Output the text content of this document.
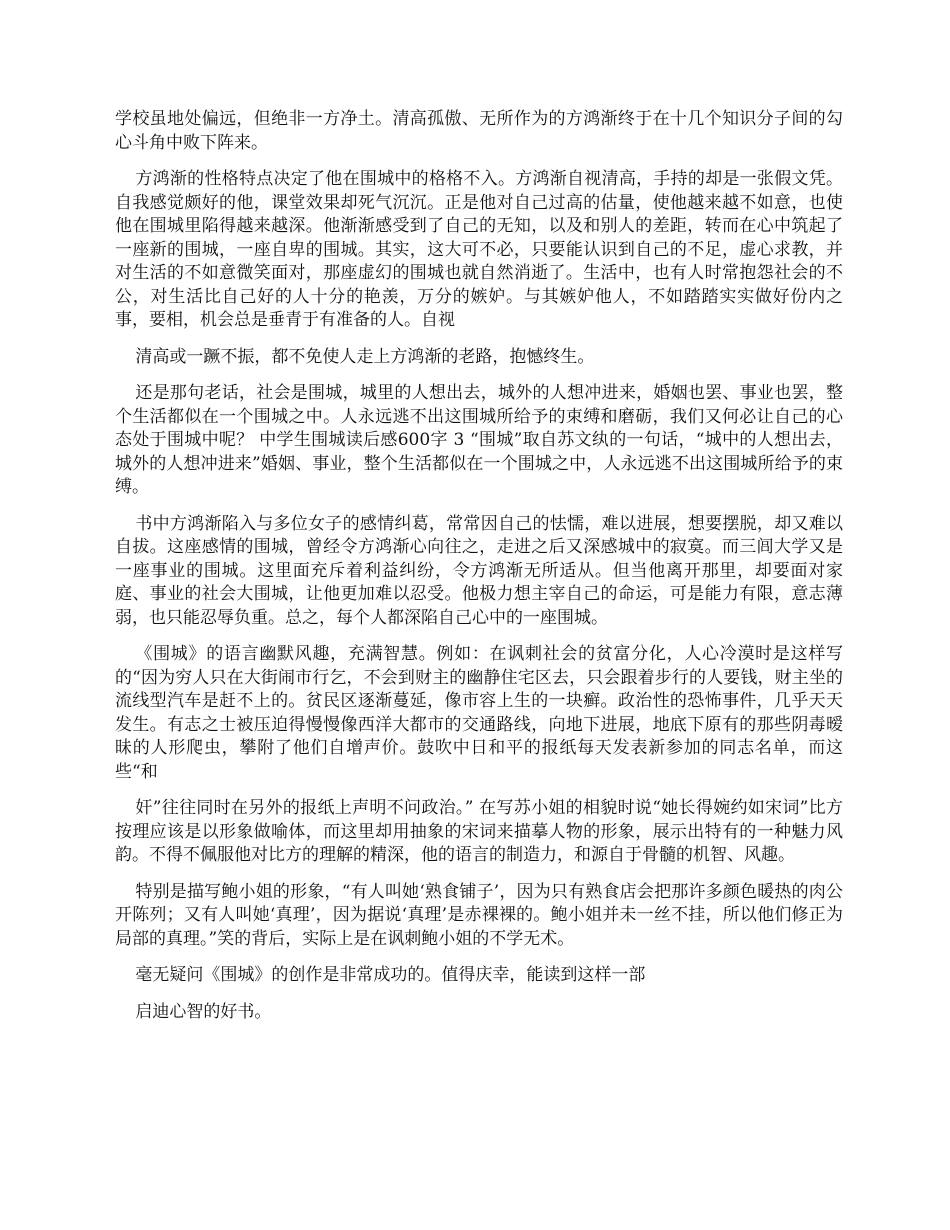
学校虽地处偏远，但绝非一方净土。清高孤傲、无所作为的方鸿渐终于在十几个知识分子间的勾心斗角中败下阵来。

方鸿渐的性格特点决定了他在围城中的格格不入。方鸿渐自视清高，手持的却是一张假文凭。自我感觉颇好的他，课堂效果却死气沉沉。正是他对自己过高的估量，使他越来越不如意，也使他在围城里陷得越来越深。他渐渐感受到了自己的无知，以及和别人的差距，转而在心中筑起了一座新的围城，一座自卑的围城。其实，这大可不必，只要能认识到自己的不足，虚心求教，并对生活的不如意微笑面对，那座虚幻的围城也就自然消逝了。生活中，也有人时常抱怨社会的不公，对生活比自己好的人十分的艳羡，万分的嫉妒。与其嫉妒他人，不如踏踏实实做好份内之事，要相，机会总是垂青于有准备的人。自视

清高或一蹶不振，都不免使人走上方鸿渐的老路，抱憾终生。

还是那句老话，社会是围城，城里的人想出去，城外的人想冲进来，婚姻也罢、事业也罢，整个生活都似在一个围城之中。人永远逃不出这围城所给予的束缚和磨砺，我们又何必让自己的心态处于围城中呢？ 中学生围城读后感600字 3 “围城”取自苏文纨的一句话，“城中的人想出去，城外的人想冲进来”婚姻、事业，整个生活都似在一个围城之中，人永远逃不出这围城所给予的束缚。

书中方鸿渐陷入与多位女子的感情纠葛，常常因自己的怯懦，难以进展，想要摆脱，却又难以自拔。这座感情的围城，曾经令方鸿渐心向往之，走进之后又深感城中的寂寞。而三闾大学又是一座事业的围城。这里面充斥着利益纠纷，令方鸿渐无所适从。但当他离开那里，却要面对家庭、事业的社会大围城，让他更加难以忍受。他极力想主宰自己的命运，可是能力有限，意志薄弱，也只能忍辱负重。总之，每个人都深陷自己心中的一座围城。

《围城》的语言幽默风趣，充满智慧。例如：在讽刺社会的贫富分化，人心冷漠时是这样写的“因为穷人只在大街闹市行乞，不会到财主的幽静住宅区去，只会跟着步行的人要钱，财主坐的流线型汽车是赶不上的。贫民区逐渐蔓延，像市容上生的一块癣。政治性的恐怖事件，几乎天天发生。有志之士被压迫得慢慢像西洋大都市的交通路线，向地下进展，地底下原有的那些阴毒暧昧的人形爬虫，攀附了他们自增声价。鼓吹中日和平的报纸每天发表新参加的同志名单，而这些“和

奸”往往同时在另外的报纸上声明不问政治。” 在写苏小姐的相貌时说“她长得婉约如宋词”比方按理应该是以形象做喻体，而这里却用抽象的宋词来描摹人物的形象，展示出特有的一种魅力风韵。不得不佩服他对比方的理解的精深，他的语言的制造力，和源自于骨髓的机智、风趣。

特别是描写鲍小姐的形象，“有人叫她‘熟食铺子’，因为只有熟食店会把那许多颜色暖热的肉公开陈列；又有人叫她‘真理’，因为据说‘真理’是赤裸裸的。鲍小姐并未一丝不挂，所以他们修正为局部的真理。”笑的背后，实际上是在讽刺鲍小姐的不学无术。

毫无疑问《围城》的创作是非常成功的。值得庆幸，能读到这样一部

启迪心智的好书。
